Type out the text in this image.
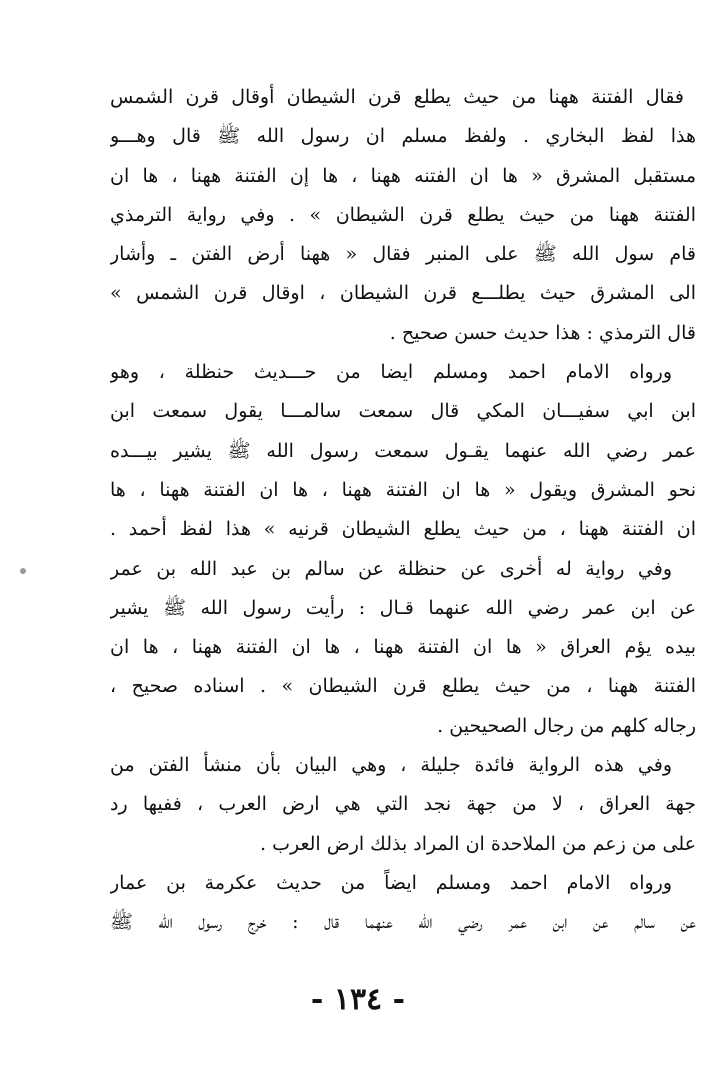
فقال الفتنة ههنا من حيث يطلع قرن الشيطان أوقال قرن الشمس
هذا لفظ البخاري . ولفظ مسلم ان رسول الله ﷺ قال وهـــو
مستقبل المشرق « ها ان الفتنه ههنا ، ها إن الفتنة ههنا ، ها ان
الفتنة ههنا من حيث يطلع قرن الشيطان » . وفي رواية الترمذي
قام سول الله ﷺ على المنبر فقال « ههنا أرض الفتن ـ وأشار
الى المشرق حيث يطلـــع قرن الشيطان ، اوقال قرن الشمس »
قال الترمذي : هذا حديث حسن صحيح .
ورواه الامام احمد ومسلم ايضا من حـــديث حنظلة ، وهو
ابن ابي سفيـــان المكي قال سمعت سالمـــا يقول سمعت ابن
عمر رضي الله عنهما يقـول سمعت رسول الله ﷺ يشير بيـــده
نحو المشرق ويقول « ها ان الفتنة ههنا ، ها ان الفتنة ههنا ، ها
ان الفتنة ههنا ، من حيث يطلع الشيطان قرنيه » هذا لفظ أحمد .
وفي رواية له أخرى عن حنظلة عن سالم بن عبد الله بن عمر
عن ابن عمر رضي الله عنهما قـال : رأيت رسول الله ﷺ يشير
بيده يؤم العراق « ها ان الفتنة ههنا ، ها ان الفتنة ههنا ، ها ان
الفتنة ههنا ، من حيث يطلع قرن الشيطان » . اسناده صحيح ،
رجاله كلهم من رجال الصحيحين .
وفي هذه الرواية فائدة جليلة ، وهي البيان بأن منشأ الفتن من
جهة العراق ، لا من جهة نجد التي هي ارض العرب ، ففيها رد
على من زعم من الملاحدة ان المراد بذلك ارض العرب .
ورواه الامام احمد ومسلم ايضاً من حديث عكرمة بن عمار
عن سالم عن ابن عمر رضي الله عنهما قال : خرج رسول الله ﷺ
- ١٣٤ -
